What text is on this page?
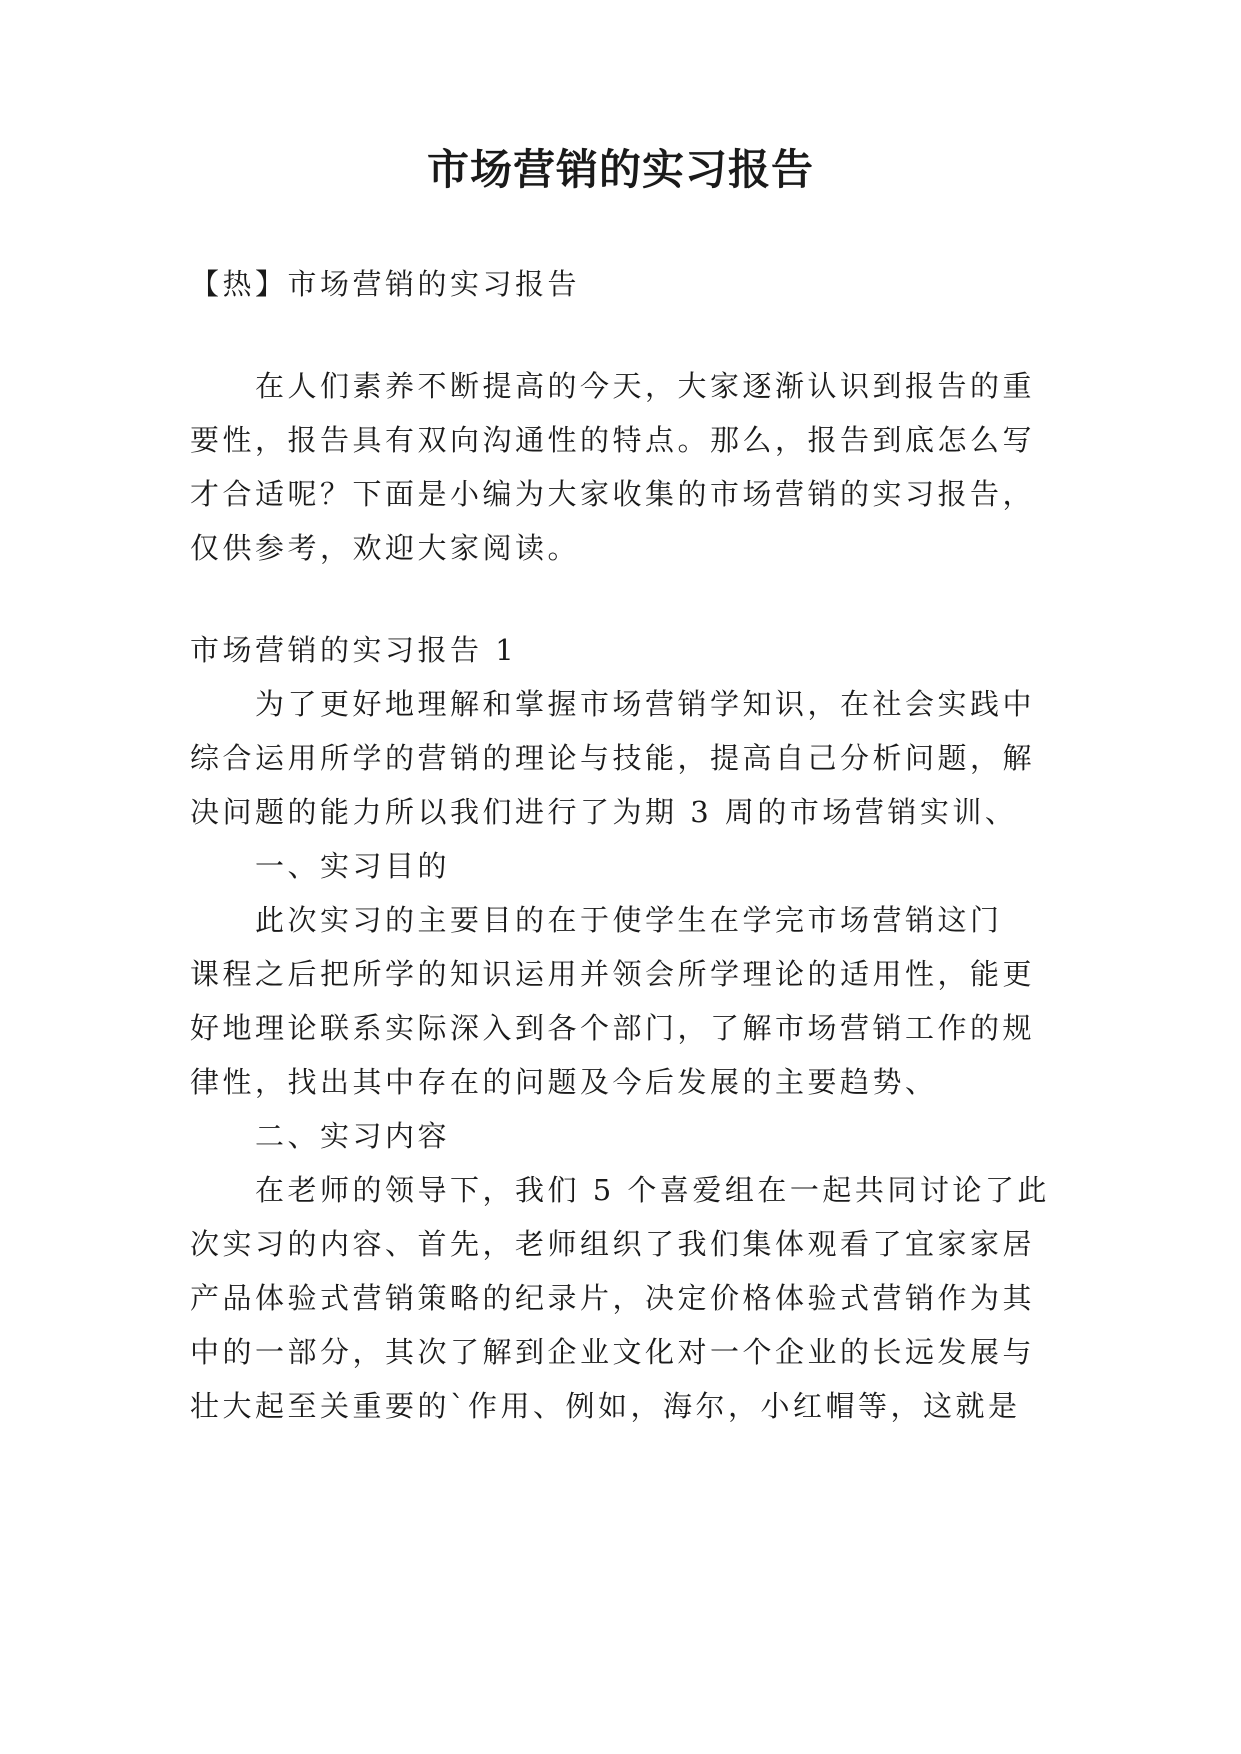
市场营销的实习报告

【热】市场营销的实习报告

在人们素养不断提高的今天，大家逐渐认识到报告的重

要性，报告具有双向沟通性的特点。那么，报告到底怎么写

才合适呢？下面是小编为大家收集的市场营销的实习报告，

仅供参考，欢迎大家阅读。

市场营销的实习报告 1

为了更好地理解和掌握市场营销学知识，在社会实践中

综合运用所学的营销的理论与技能，提高自己分析问题，解

决问题的能力所以我们进行了为期 3 周的市场营销实训、

一、实习目的

此次实习的主要目的在于使学生在学完市场营销这门

课程之后把所学的知识运用并领会所学理论的适用性，能更

好地理论联系实际深入到各个部门，了解市场营销工作的规

律性，找出其中存在的问题及今后发展的主要趋势、

二、实习内容

在老师的领导下，我们 5 个喜爱组在一起共同讨论了此

次实习的内容、首先，老师组织了我们集体观看了宜家家居

产品体验式营销策略的纪录片，决定价格体验式营销作为其

中的一部分，其次了解到企业文化对一个企业的长远发展与

壮大起至关重要的`作用、例如，海尔，小红帽等，这就是
